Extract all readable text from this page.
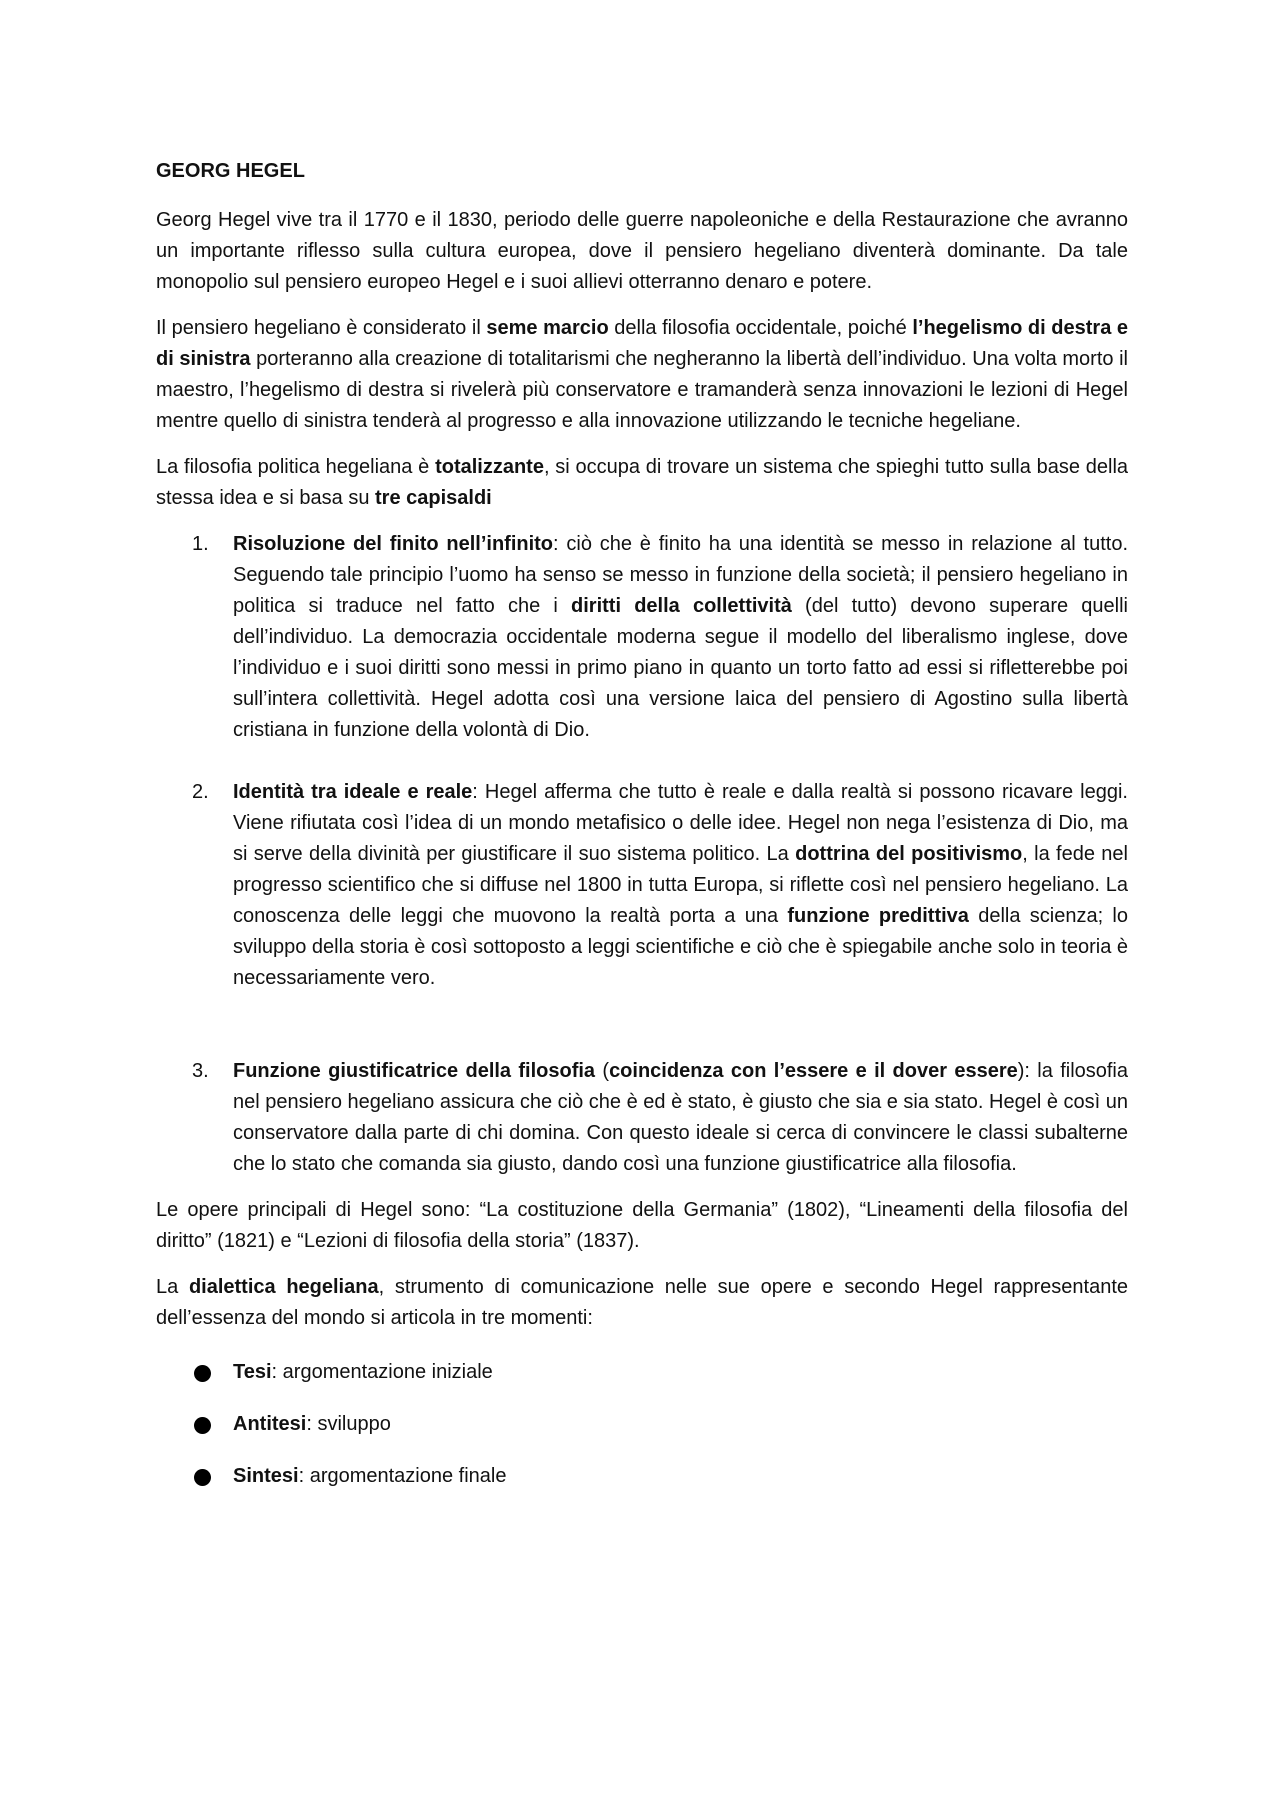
GEORG HEGEL

Georg Hegel vive tra il 1770 e il 1830, periodo delle guerre napoleoniche e della Restaurazione che avranno un importante riflesso sulla cultura europea, dove il pensiero hegeliano diventerà dominante. Da tale monopolio sul pensiero europeo Hegel e i suoi allievi otterranno denaro e potere.

Il pensiero hegeliano è considerato il seme marcio della filosofia occidentale, poiché l’hegelismo di destra e di sinistra porteranno alla creazione di totalitarismi che negheranno la libertà dell’individuo. Una volta morto il maestro, l’hegelismo di destra si rivelerà più conservatore e tramanderà senza innovazioni le lezioni di Hegel mentre quello di sinistra tenderà al progresso e alla innovazione utilizzando le tecniche hegeliane.

La filosofia politica hegeliana è totalizzante, si occupa di trovare un sistema che spieghi tutto sulla base della stessa idea e si basa su tre capisaldi

1. Risoluzione del finito nell’infinito: ciò che è finito ha una identità se messo in relazione al tutto. Seguendo tale principio l’uomo ha senso se messo in funzione della società; il pensiero hegeliano in politica si traduce nel fatto che i diritti della collettività (del tutto) devono superare quelli dell’individuo. La democrazia occidentale moderna segue il modello del liberalismo inglese, dove l’individuo e i suoi diritti sono messi in primo piano in quanto un torto fatto ad essi si rifletterebbe poi sull’intera collettività. Hegel adotta così una versione laica del pensiero di Agostino sulla libertà cristiana in funzione della volontà di Dio.
2. Identità tra ideale e reale: Hegel afferma che tutto è reale e dalla realtà si possono ricavare leggi. Viene rifiutata così l’idea di un mondo metafisico o delle idee. Hegel non nega l’esistenza di Dio, ma si serve della divinità per giustificare il suo sistema politico. La dottrina del positivismo, la fede nel progresso scientifico che si diffuse nel 1800 in tutta Europa, si riflette così nel pensiero hegeliano. La conoscenza delle leggi che muovono la realtà porta a una funzione predittiva della scienza; lo sviluppo della storia è così sottoposto a leggi scientifiche e ciò che è spiegabile anche solo in teoria è necessariamente vero.
3. Funzione giustificatrice della filosofia (coincidenza con l’essere e il dover essere): la filosofia nel pensiero hegeliano assicura che ciò che è ed è stato, è giusto che sia e sia stato. Hegel è così un conservatore dalla parte di chi domina. Con questo ideale si cerca di convincere le classi subalterne che lo stato che comanda sia giusto, dando così una funzione giustificatrice alla filosofia.

Le opere principali di Hegel sono: “La costituzione della Germania” (1802), “Lineamenti della filosofia del diritto” (1821) e “Lezioni di filosofia della storia” (1837).

La dialettica hegeliana, strumento di comunicazione nelle sue opere e secondo Hegel rappresentante dell’essenza del mondo si articola in tre momenti:

Tesi: argomentazione iniziale
Antitesi: sviluppo
Sintesi: argomentazione finale
